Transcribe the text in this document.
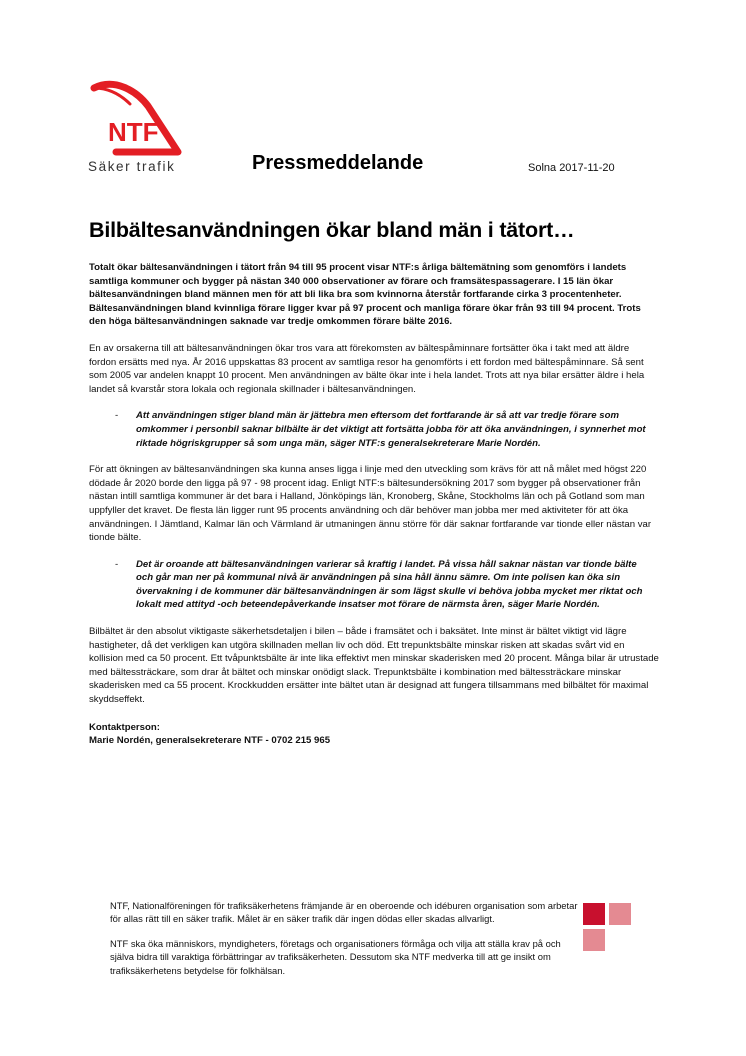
NTF
Säker trafik	Pressmeddelande	Solna 2017-11-20
Bilbältesanvändningen ökar bland män i tätort…

Totalt ökar bältesanvändningen i tätort från 94 till 95 procent visar NTF:s årliga bältemätning som genomförs i landets samtliga kommuner och bygger på nästan 340 000 observationer av förare och framsätespassagerare. I 15 län ökar bältesanvändningen bland männen men för att bli lika bra som kvinnorna återstår fortfarande cirka 3 procentenheter. Bältesanvändningen bland kvinnliga förare ligger kvar på 97 procent och manliga förare ökar från 93 till 94 procent. Trots den höga bältesanvändningen saknade var tredje omkommen förare bälte 2016.

En av orsakerna till att bältesanvändningen ökar tros vara att förekomsten av bältespåminnare fortsätter öka i takt med att äldre fordon ersätts med nya. År 2016 uppskattas 83 procent av samtliga resor ha genomförts i ett fordon med bältespåminnare. Så sent som 2005 var andelen knappt 10 procent. Men användningen av bälte ökar inte i hela landet. Trots att nya bilar ersätter äldre i hela landet så kvarstår stora lokala och regionala skillnader i bältesanvändningen.

- Att användningen stiger bland män är jättebra men eftersom det fortfarande är så att var tredje förare som omkommer i personbil saknar bilbälte är det viktigt att fortsätta jobba för att öka användningen, i synnerhet mot riktade högriskgrupper så som unga män, säger NTF:s generalsekreterare Marie Nordén.

För att ökningen av bältesanvändningen ska kunna anses ligga i linje med den utveckling som krävs för att nå målet med högst 220 dödade år 2020 borde den ligga på 97 - 98 procent idag. Enligt NTF:s bältesundersökning 2017 som bygger på observationer från nästan intill samtliga kommuner är det bara i Halland, Jönköpings län, Kronoberg, Skåne, Stockholms län och på Gotland som man uppfyller det kravet. De flesta län ligger runt 95 procents användning och där behöver man jobba mer med aktiviteter för att öka användningen. I Jämtland, Kalmar län och Värmland är utmaningen ännu större för där saknar fortfarande var tionde eller nästan var tionde bälte.

- Det är oroande att bältesanvändningen varierar så kraftig i landet. På vissa håll saknar nästan var tionde bälte och går man ner på kommunal nivå är användningen på sina håll ännu sämre. Om inte polisen kan öka sin övervakning i de kommuner där bältesanvändningen är som lägst skulle vi behöva jobba mycket mer riktat och lokalt med attityd -och beteendepåverkande insatser mot förare de närmsta åren, säger Marie Nordén.

Bilbältet är den absolut viktigaste säkerhetsdetaljen i bilen – både i framsätet och i baksätet. Inte minst är bältet viktigt vid lägre hastigheter, då det verkligen kan utgöra skillnaden mellan liv och död. Ett trepunktsbälte minskar risken att skadas svårt vid en kollision med ca 50 procent. Ett tvåpunktsbälte är inte lika effektivt men minskar skaderisken med 20 procent. Många bilar är utrustade med bältessträckare, som drar åt bältet och minskar onödigt slack. Trepunktsbälte i kombination med bältessträckare minskar skaderisken med ca 55 procent. Krockkudden ersätter inte bältet utan är designad att fungera tillsammans med bilbältet för maximal skyddseffekt.

Kontaktperson:
Marie Nordén, generalsekreterare NTF - 0702 215 965

NTF, Nationalföreningen för trafiksäkerhetens främjande är en oberoende och idéburen organisation som arbetar för allas rätt till en säker trafik. Målet är en säker trafik där ingen dödas eller skadas allvarligt.

NTF ska öka människors, myndigheters, företags och organisationers förmåga och vilja att ställa krav på och själva bidra till varaktiga förbättringar av trafiksäkerheten. Dessutom ska NTF medverka till att ge insikt om trafiksäkerhetens betydelse för folkhälsan.
